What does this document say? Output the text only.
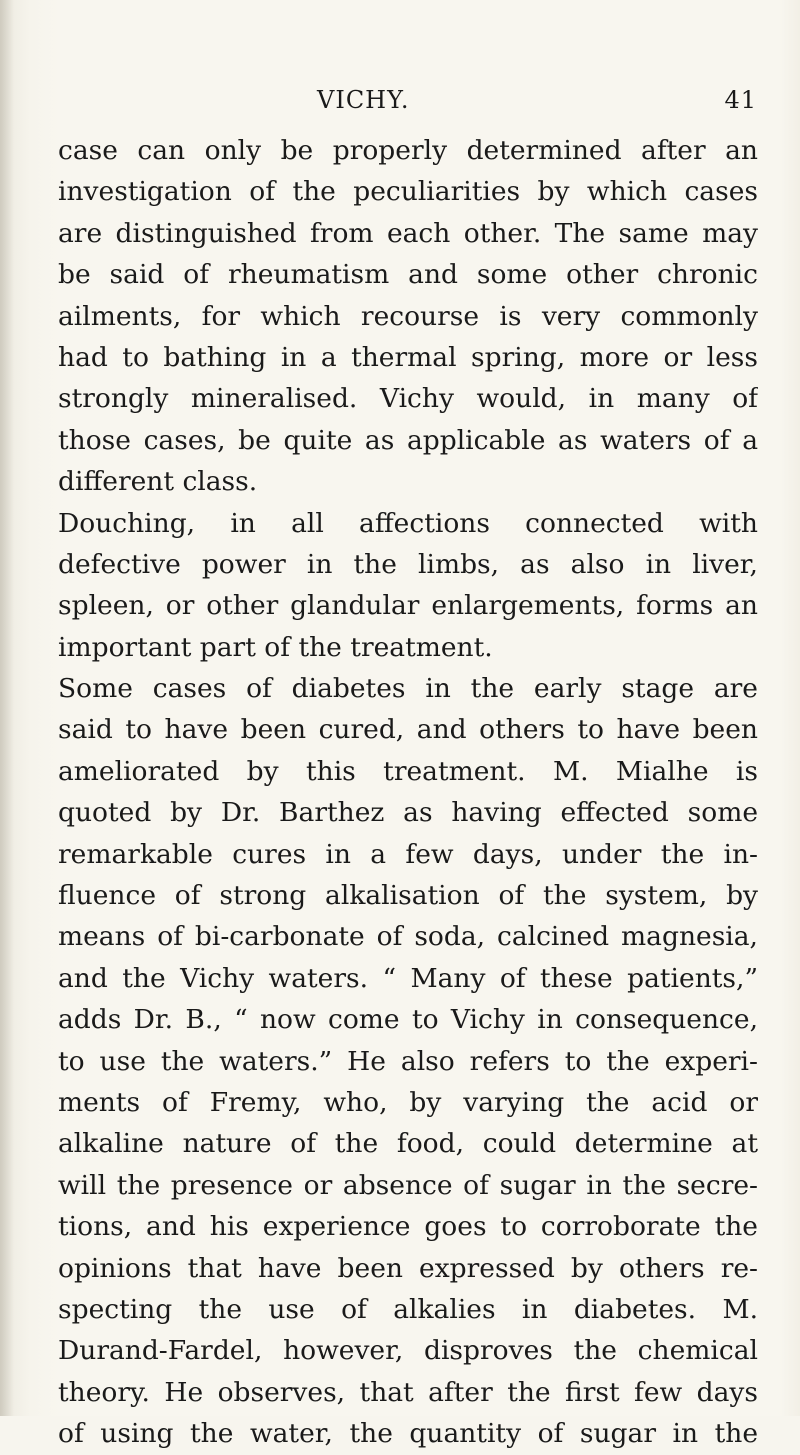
VICHY.	41
case can only be properly determined after an
investigation of the peculiarities by which cases
are distinguished from each other. The same may
be said of rheumatism and some other chronic
ailments, for which recourse is very commonly
had to bathing in a thermal spring, more or less
strongly mineralised. Vichy would, in many of
those cases, be quite as applicable as waters of a
different class.
Douching, in all affections connected with
defective power in the limbs, as also in liver,
spleen, or other glandular enlargements, forms an
important part of the treatment.
Some cases of diabetes in the early stage are
said to have been cured, and others to have been
ameliorated by this treatment. M. Mialhe is
quoted by Dr. Barthez as having effected some
remarkable cures in a few days, under the in-
fluence of strong alkalisation of the system, by
means of bi-carbonate of soda, calcined magnesia,
and the Vichy waters. “ Many of these patients,”
adds Dr. B., “ now come to Vichy in consequence,
to use the waters.” He also refers to the experi-
ments of Fremy, who, by varying the acid or
alkaline nature of the food, could determine at
will the presence or absence of sugar in the secre-
tions, and his experience goes to corroborate the
opinions that have been expressed by others re-
specting the use of alkalies in diabetes. M.
Durand-Fardel, however, disproves the chemical
theory. He observes, that after the first few days
of using the water, the quantity of sugar in the
